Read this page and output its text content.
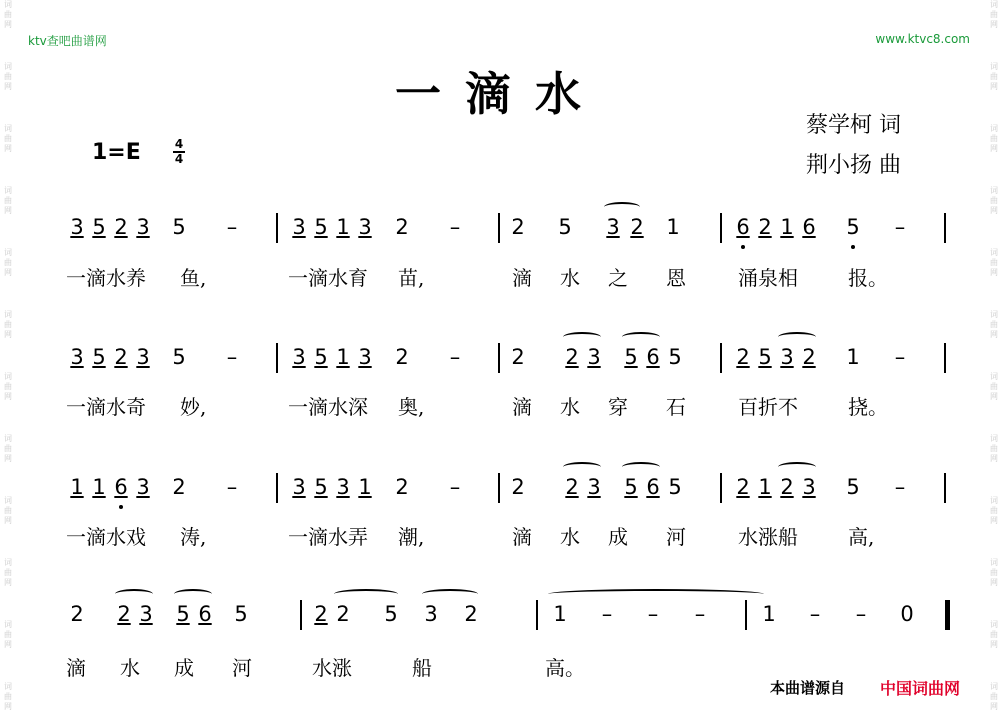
词
曲
网
词
曲
网
词
曲
网
词
曲
网
词
曲
网
词
曲
网
词
曲
网
词
曲
网
词
曲
网
词
曲
网
词
曲
网
词
曲
网
词
曲
网
词
曲
网
词
曲
网
词
曲
网
词
曲
网
词
曲
网
词
曲
网
词
曲
网
词
曲
网
词
曲
网
词
曲
网
词
曲
网
ktv查吧曲谱网	www.ktvc8.com
一滴水
蔡学柯 词
荆小扬 曲
1=E	4
4
3 5 2 3 5 –	3 5 1 3 2 – 2 5 3 2 1	6 2 1 6 5 –
一滴水养 鱼,	一滴水育 苗,	滴 水 之 恩	涌泉相	报。
3 5 2 3 5 –	3 5 1 3 2 – 2 2 3 5 6 5	2 5 3 2 1 –
一滴水奇 妙,	一滴水深 奥,	滴 水 穿 石	百折不	挠。
1 1 6 3 2 –	3 5 3 1 2 – 2 2 3 5 6 5	2 1 2 3 5 –
一滴水戏 涛,	一滴水弄 潮,	滴 水 成 河	水涨船	高,
2 2 3 5 6 5	2 2 5 3 2	1 – – –	1 – – 0
滴 水 成 河	水涨	船	高。
本曲谱源自 中国词曲网
